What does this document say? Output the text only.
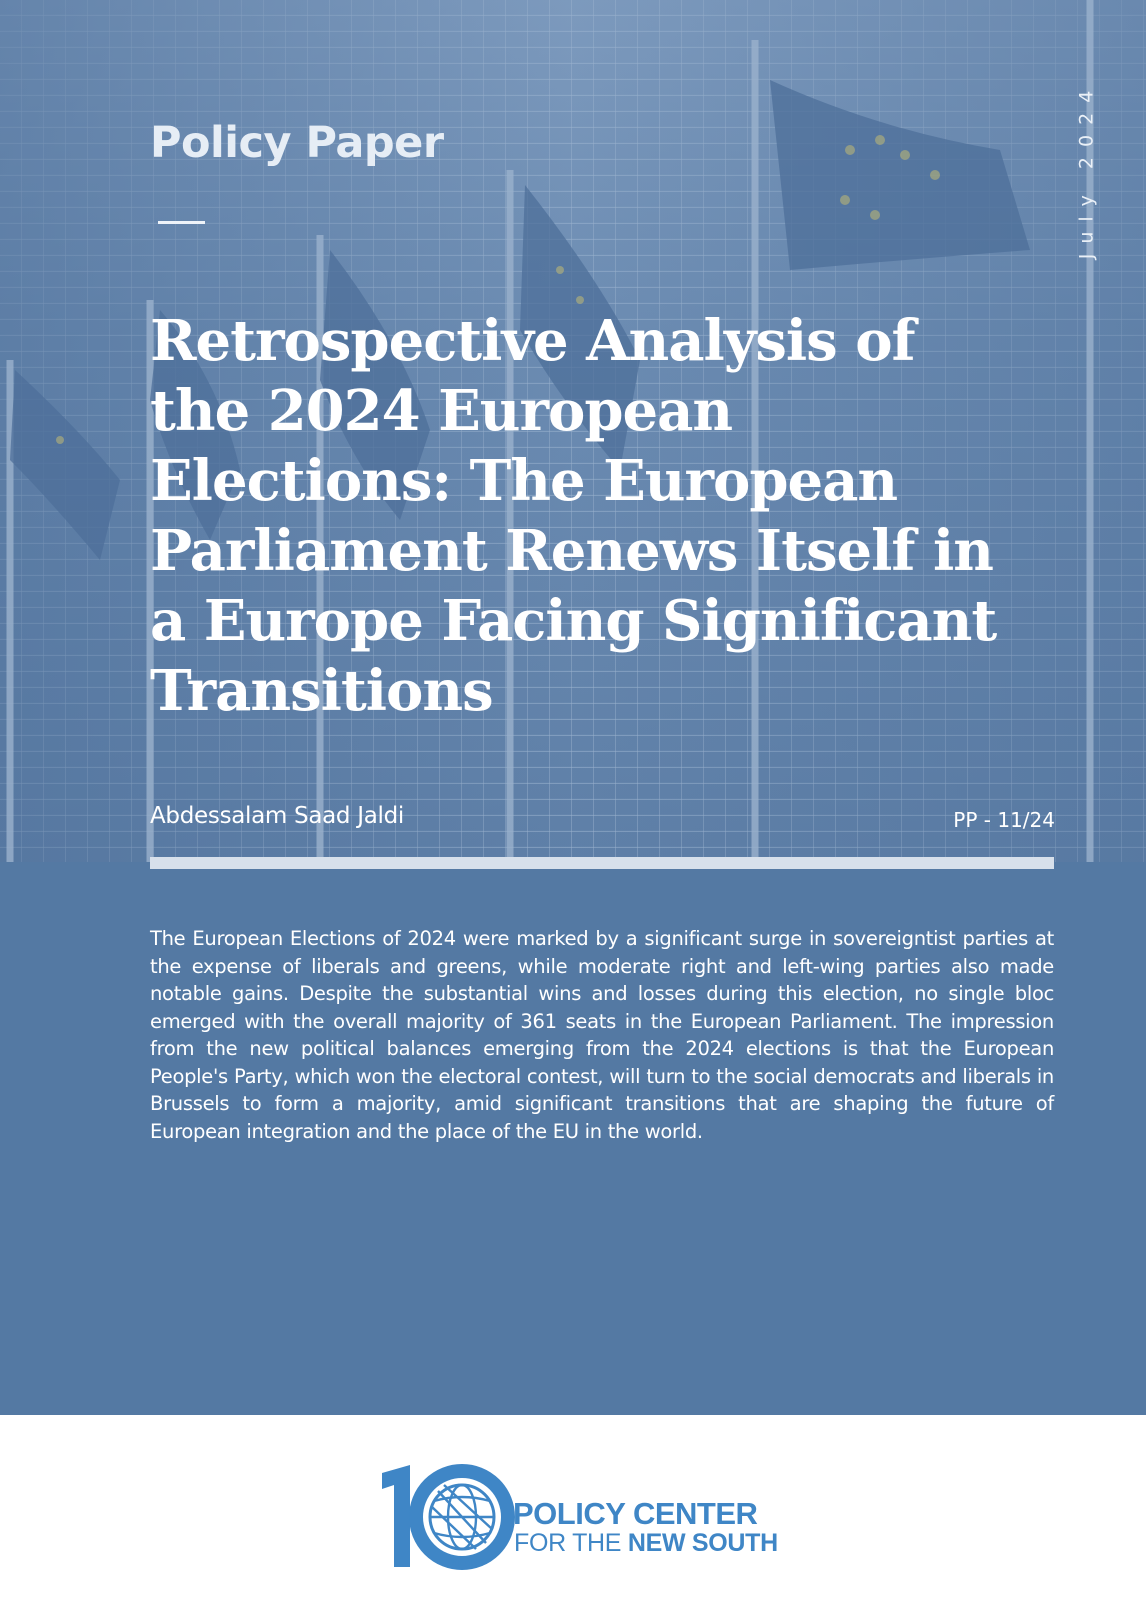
Policy Paper	July 2024
Retrospective Analysis of the 2024 European Elections: The European Parliament Renews Itself in a Europe Facing Significant Transitions
Abdessalam Saad Jaldi	PP - 11/24

The European Elections of 2024 were marked by a significant surge in sovereigntist parties at the expense of liberals and greens, while moderate right and left-wing parties also made notable gains. Despite the substantial wins and losses during this election, no single bloc emerged with the overall majority of 361 seats in the European Parliament. The impression from the new political balances emerging from the 2024 elections is that the European People's Party, which won the electoral contest, will turn to the social democrats and liberals in Brussels to form a majority, amid significant transitions that are shaping the future of European integration and the place of the EU in the world.

YEARS
POLICY CENTER
FOR THE NEW SOUTH
